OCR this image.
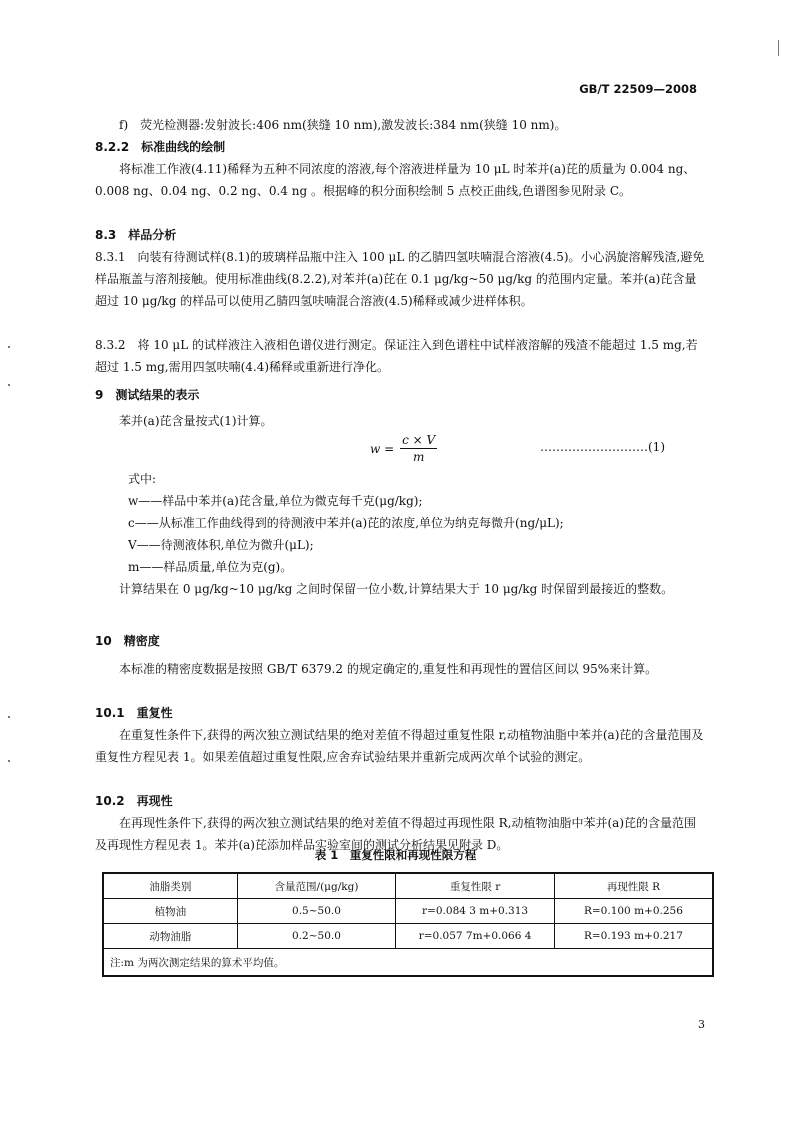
GB/T 22509—2008
f)　荧光检测器:发射波长:406 nm(狭缝 10 nm),激发波长:384 nm(狭缝 10 nm)。
8.2.2　标准曲线的绘制
将标准工作液(4.11)稀释为五种不同浓度的溶液,每个溶液进样量为 10 μL 时苯并(a)芘的质量为 0.004 ng、0.008 ng、0.04 ng、0.2 ng、0.4 ng 。根据峰的积分面积绘制 5 点校正曲线,色谱图参见附录 C。
8.3　样品分析
8.3.1　向装有待测试样(8.1)的玻璃样品瓶中注入 100 μL 的乙腈四氢呋喃混合溶液(4.5)。小心涡旋溶解残渣,避免样品瓶盖与溶剂接触。使用标准曲线(8.2.2),对苯并(a)芘在 0.1 μg/kg~50 μg/kg 的范围内定量。苯并(a)芘含量超过 10 μg/kg 的样品可以使用乙腈四氢呋喃混合溶液(4.5)稀释或减少进样体积。
8.3.2　将 10 μL 的试样液注入液相色谱仪进行测定。保证注入到色谱柱中试样液溶解的残渣不能超过 1.5 mg,若超过 1.5 mg,需用四氢呋喃(4.4)稀释或重新进行净化。
9　测试结果的表示
苯并(a)芘含量按式(1)计算。
$w = \frac{c \times V}{m}$	………………………(1)
式中:
w——样品中苯并(a)芘含量,单位为微克每千克(μg/kg);
c——从标准工作曲线得到的待测液中苯并(a)芘的浓度,单位为纳克每微升(ng/μL);
V——待测液体积,单位为微升(μL);
m——样品质量,单位为克(g)。
计算结果在 0 μg/kg~10 μg/kg 之间时保留一位小数,计算结果大于 10 μg/kg 时保留到最接近的整数。
10　精密度
本标准的精密度数据是按照 GB/T 6379.2 的规定确定的,重复性和再现性的置信区间以 95%来计算。
10.1　重复性
在重复性条件下,获得的两次独立测试结果的绝对差值不得超过重复性限 r,动植物油脂中苯并(a)芘的含量范围及重复性方程见表 1。如果差值超过重复性限,应舍弃试验结果并重新完成两次单个试验的测定。
10.2　再现性
在再现性条件下,获得的两次独立测试结果的绝对差值不得超过再现性限 R,动植物油脂中苯并(a)芘的含量范围及再现性方程见表 1。苯并(a)芘添加样品实验室间的测试分析结果见附录 D。
表 1　重复性限和再现性限方程
油脂类别	含量范围/(μg/kg)	重复性限 r	再现性限 R
植物油	0.5~50.0	r=0.084 3 m+0.313	R=0.100 m+0.256
动物油脂	0.2~50.0	r=0.057 7m+0.066 4	R=0.193 m+0.217
注:m 为两次测定结果的算术平均值。			
3
